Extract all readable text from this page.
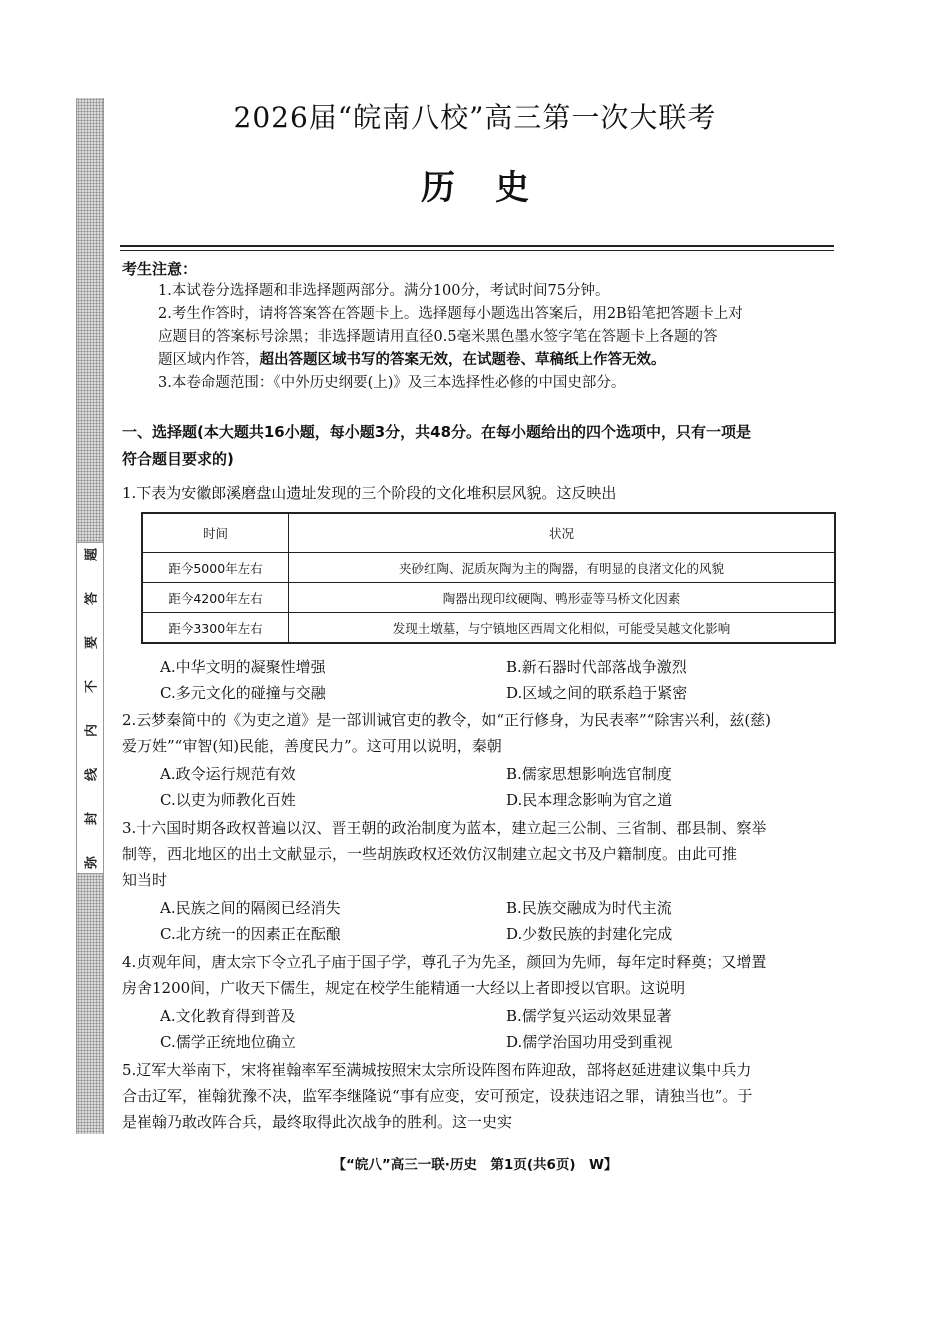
题
答
要
不
内
线
封
弥
2026届“皖南八校”高三第一次大联考
历史
考生注意：

1.本试卷分选择题和非选择题两部分。满分100分，考试时间75分钟。

2.考生作答时，请将答案答在答题卡上。选择题每小题选出答案后，用2B铅笔把答题卡上对

应题目的答案标号涂黑；非选择题请用直径0.5毫米黑色墨水签字笔在答题卡上各题的答

题区域内作答，超出答题区域书写的答案无效，在试题卷、草稿纸上作答无效。

3.本卷命题范围：《中外历史纲要(上)》及三本选择性必修的中国史部分。

一、选择题(本大题共16小题，每小题3分，共48分。在每小题给出的四个选项中，只有一项是
符合题目要求的)

1.下表为安徽郎溪磨盘山遗址发现的三个阶段的文化堆积层风貌。这反映出

时间	状况
距今5000年左右	夹砂红陶、泥质灰陶为主的陶器，有明显的良渚文化的风貌
距今4200年左右	陶器出现印纹硬陶、鸭形壶等马桥文化因素
距今3300年左右	发现土墩墓，与宁镇地区西周文化相似，可能受吴越文化影响
A.中华文明的凝聚性增强	B.新石器时代部落战争激烈
C.多元文化的碰撞与交融	D.区域之间的联系趋于紧密

2.云梦秦简中的《为吏之道》是一部训诫官吏的教令，如“正行修身，为民表率”“除害兴利，兹(慈)

爱万姓”“审智(知)民能，善度民力”。这可用以说明，秦朝

A.政令运行规范有效	B.儒家思想影响选官制度
C.以吏为师教化百姓	D.民本理念影响为官之道

3.十六国时期各政权普遍以汉、晋王朝的政治制度为蓝本，建立起三公制、三省制、郡县制、察举

制等，西北地区的出土文献显示，一些胡族政权还效仿汉制建立起文书及户籍制度。由此可推

知当时

A.民族之间的隔阂已经消失	B.民族交融成为时代主流
C.北方统一的因素正在酝酿	D.少数民族的封建化完成

4.贞观年间，唐太宗下令立孔子庙于国子学，尊孔子为先圣，颜回为先师，每年定时释奠；又增置

房舍1200间，广收天下儒生，规定在校学生能精通一大经以上者即授以官职。这说明

A.文化教育得到普及	B.儒学复兴运动效果显著
C.儒学正统地位确立	D.儒学治国功用受到重视

5.辽军大举南下，宋将崔翰率军至满城按照宋太宗所设阵图布阵迎敌，部将赵延进建议集中兵力

合击辽军，崔翰犹豫不决，监军李继隆说“事有应变，安可预定，设获违诏之罪，请独当也”。于

是崔翰乃敢改阵合兵，最终取得此次战争的胜利。这一史实

【“皖八”高三一联·历史　第1页(共6页)　W】
